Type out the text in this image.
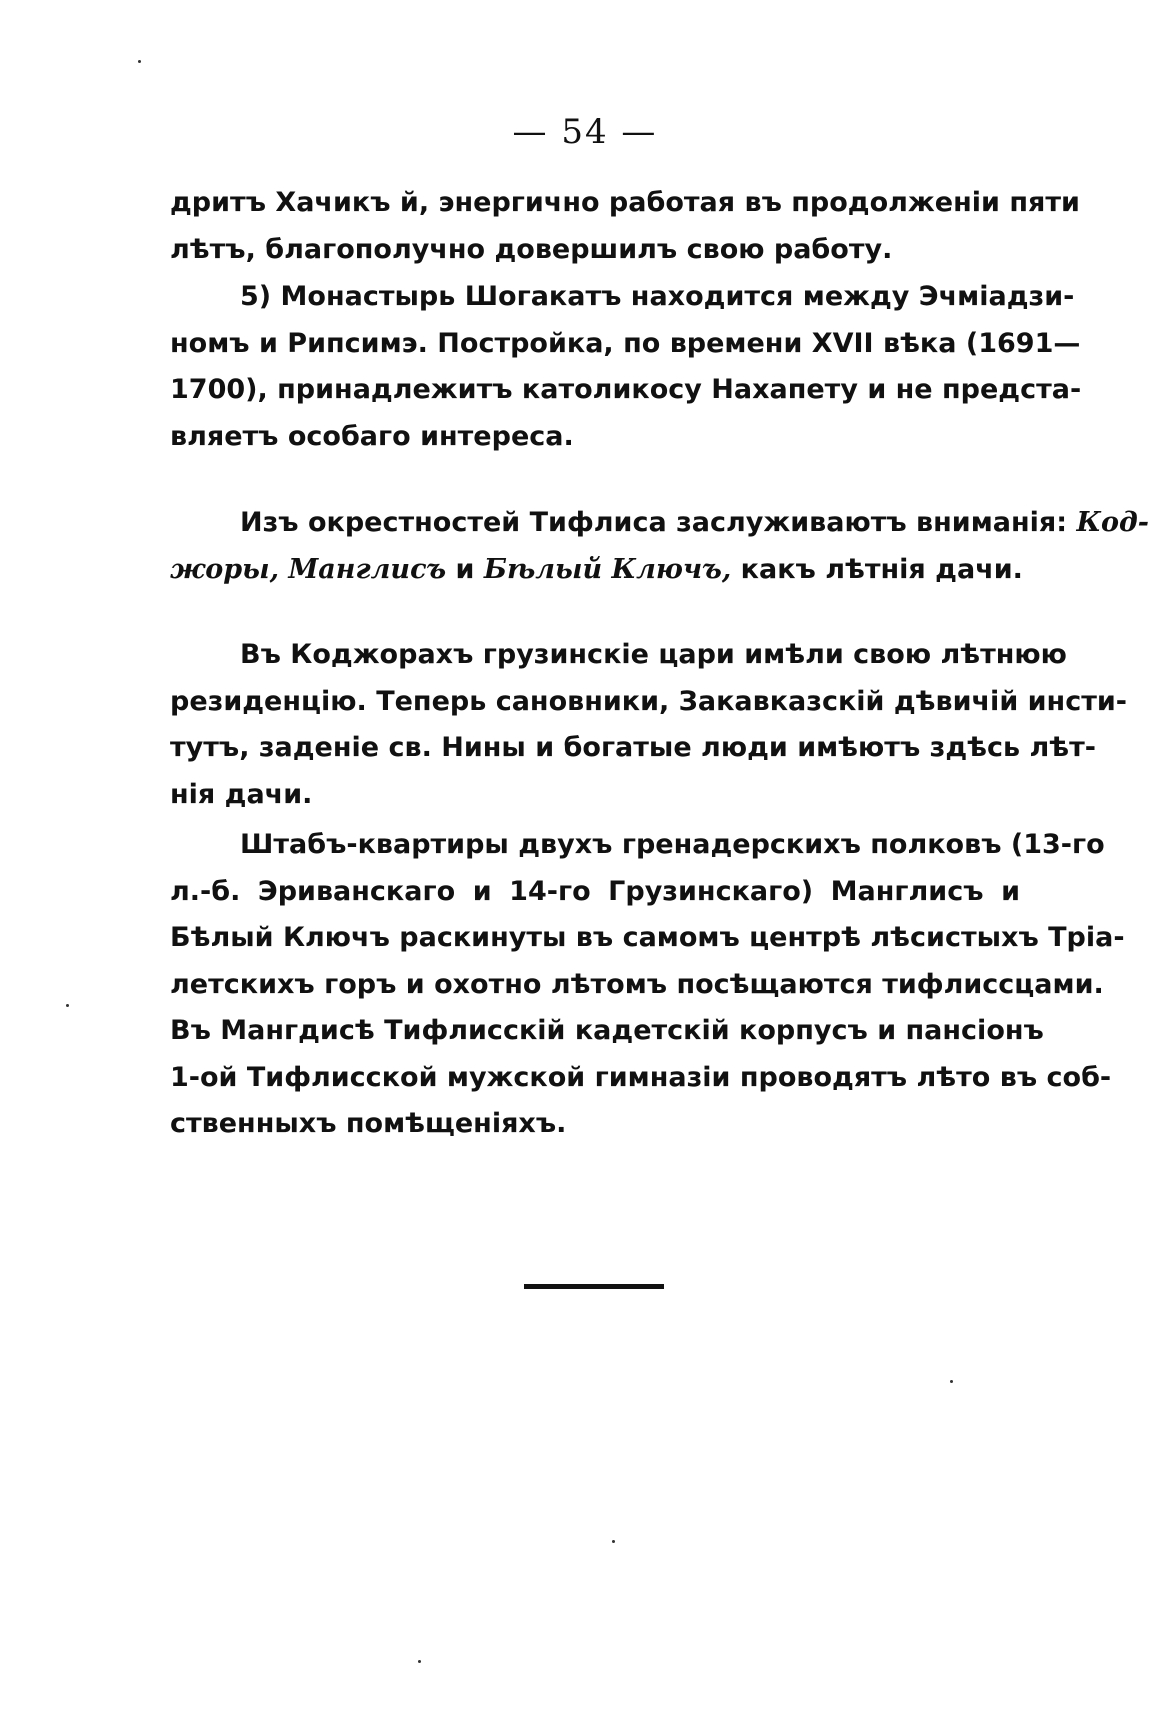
— 54 —
дритъ Хачикъ й, энергично работая въ продолженіи пяти
лѣтъ, благополучно довершилъ свою работу.
5) Монастырь Шогакатъ находится между Эчміадзи-
номъ и Рипсимэ. Постройка, по времени XVII вѣка (1691—
1700), принадлежитъ католикосу Нахапету и не предста-
вляетъ особаго интереса.
Изъ окрестностей Тифлиса заслуживаютъ вниманія: Код-
жоры, Манглисъ и Бѣлый Ключъ, какъ лѣтнія дачи.
Въ Коджорахъ грузинскіе цари имѣли свою лѣтнюю
резиденцію. Теперь сановники, Закавказскій дѣвичій инсти-
тутъ, заденіе св. Нины и богатые люди имѣютъ здѣсь лѣт-
нія дачи.
Штабъ-квартиры двухъ гренадерскихъ полковъ (13-го
л.-б. Эриванскаго и 14-го Грузинскаго) Манглисъ и
Бѣлый Ключъ раскинуты въ самомъ центрѣ лѣсистыхъ Тріа-
летскихъ горъ и охотно лѣтомъ посѣщаются тифлиссцами.
Въ Мангдисѣ Тифлисскій кадетскій корпусъ и пансіонъ
1-ой Тифлисской мужской гимназіи проводятъ лѣто въ соб-
ственныхъ помѣщеніяхъ.
